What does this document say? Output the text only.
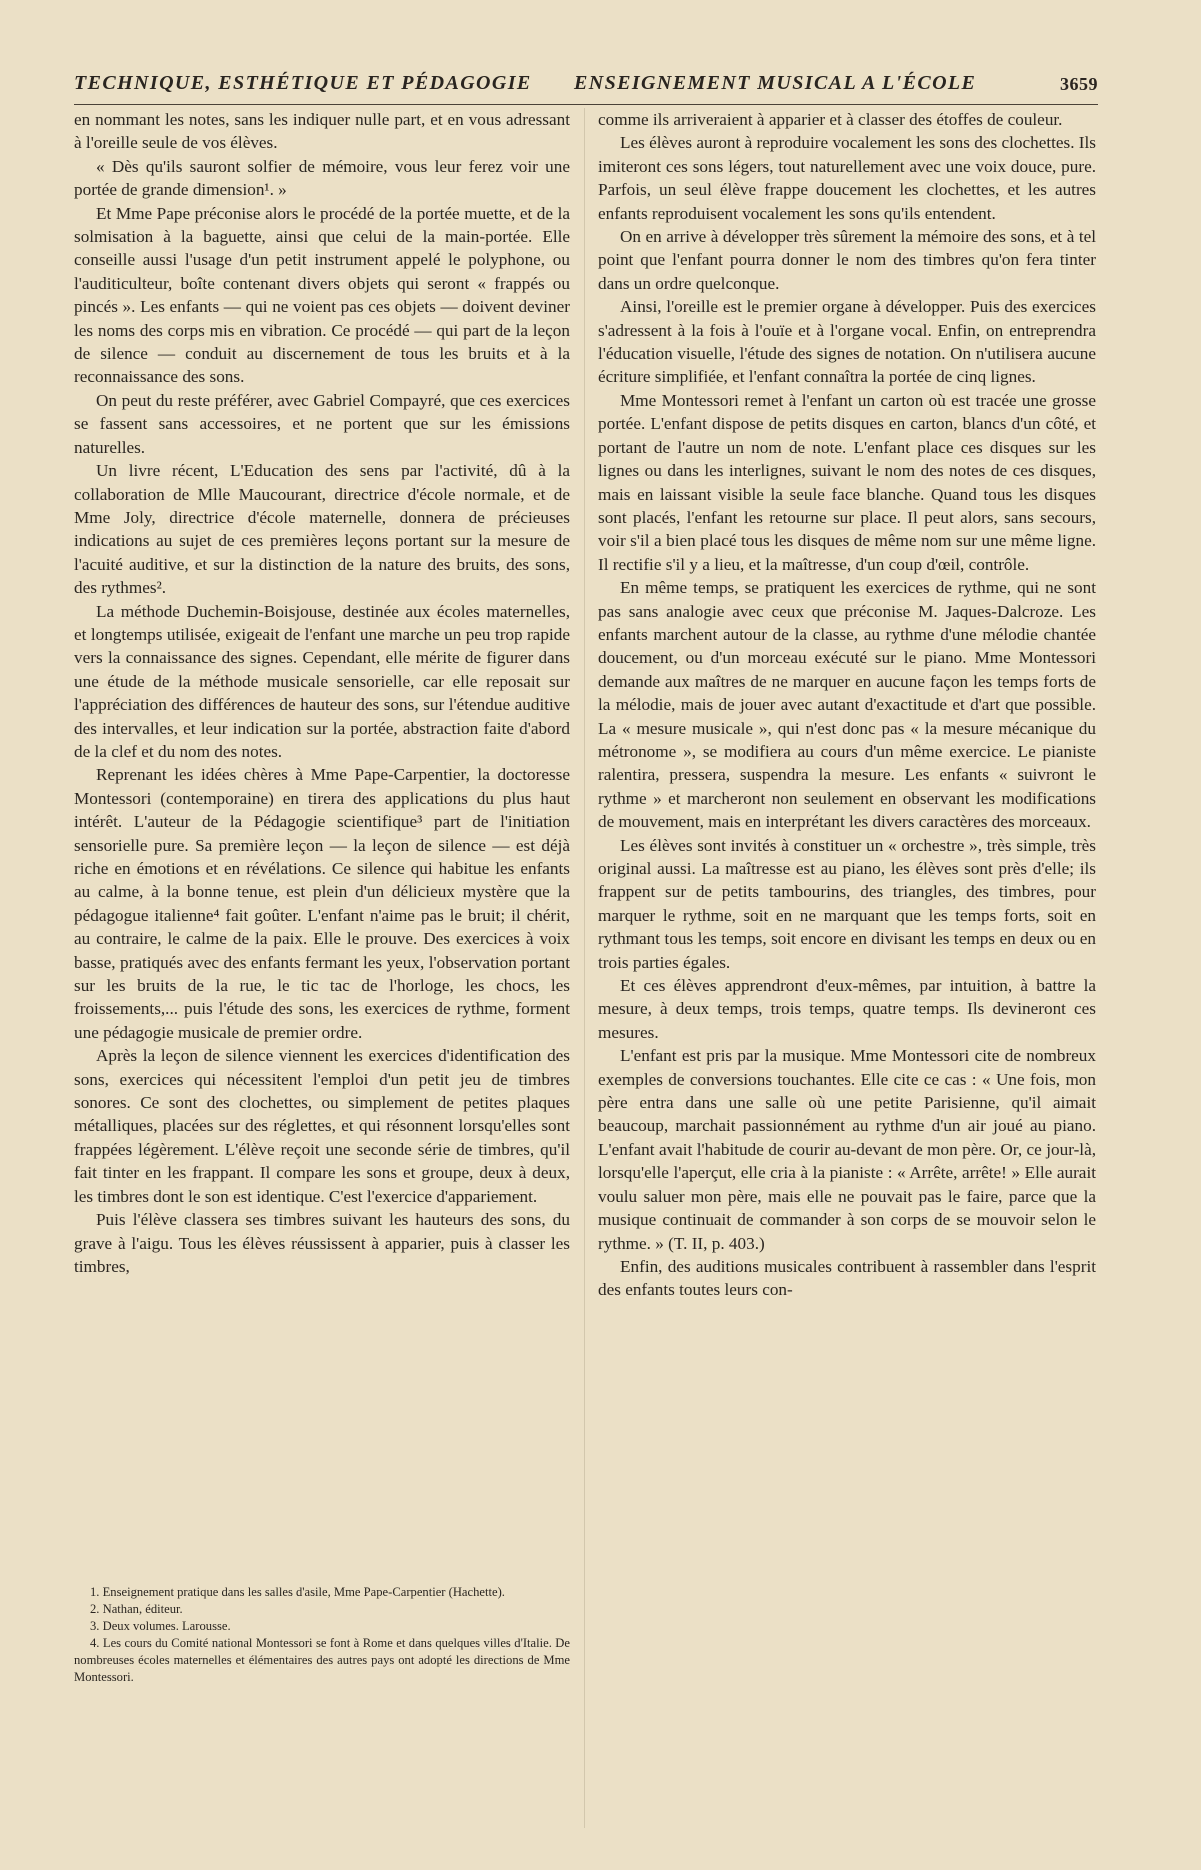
TECHNIQUE, ESTHÉTIQUE ET PÉDAGOGIE ENSEIGNEMENT MUSICAL A L'ÉCOLE	3659

en nommant les notes, sans les indiquer nulle part, et en vous adressant à l'oreille seule de vos élèves.

« Dès qu'ils sauront solfier de mémoire, vous leur ferez voir une portée de grande dimension¹. »

Et Mme Pape préconise alors le procédé de la portée muette, et de la solmisation à la baguette, ainsi que celui de la main-portée. Elle conseille aussi l'usage d'un petit instrument appelé le polyphone, ou l'auditiculteur, boîte contenant divers objets qui seront « frappés ou pincés ». Les enfants — qui ne voient pas ces objets — doivent deviner les noms des corps mis en vibration. Ce procédé — qui part de la leçon de silence — conduit au discernement de tous les bruits et à la reconnaissance des sons.

On peut du reste préférer, avec Gabriel Compayré, que ces exercices se fassent sans accessoires, et ne portent que sur les émissions naturelles.

Un livre récent, L'Education des sens par l'activité, dû à la collaboration de Mlle Maucourant, directrice d'école normale, et de Mme Joly, directrice d'école maternelle, donnera de précieuses indications au sujet de ces premières leçons portant sur la mesure de l'acuité auditive, et sur la distinction de la nature des bruits, des sons, des rythmes².

La méthode Duchemin-Boisjouse, destinée aux écoles maternelles, et longtemps utilisée, exigeait de l'enfant une marche un peu trop rapide vers la connaissance des signes. Cependant, elle mérite de figurer dans une étude de la méthode musicale sensorielle, car elle reposait sur l'appréciation des différences de hauteur des sons, sur l'étendue auditive des intervalles, et leur indication sur la portée, abstraction faite d'abord de la clef et du nom des notes.

Reprenant les idées chères à Mme Pape-Carpentier, la doctoresse Montessori (contemporaine) en tirera des applications du plus haut intérêt. L'auteur de la Pédagogie scientifique³ part de l'initiation sensorielle pure. Sa première leçon — la leçon de silence — est déjà riche en émotions et en révélations. Ce silence qui habitue les enfants au calme, à la bonne tenue, est plein d'un délicieux mystère que la pédagogue italienne⁴ fait goûter. L'enfant n'aime pas le bruit; il chérit, au contraire, le calme de la paix. Elle le prouve. Des exercices à voix basse, pratiqués avec des enfants fermant les yeux, l'observation portant sur les bruits de la rue, le tic tac de l'horloge, les chocs, les froissements,... puis l'étude des sons, les exercices de rythme, forment une pédagogie musicale de premier ordre.

Après la leçon de silence viennent les exercices d'identification des sons, exercices qui nécessitent l'emploi d'un petit jeu de timbres sonores. Ce sont des clochettes, ou simplement de petites plaques métalliques, placées sur des réglettes, et qui résonnent lorsqu'elles sont frappées légèrement. L'élève reçoit une seconde série de timbres, qu'il fait tinter en les frappant. Il compare les sons et groupe, deux à deux, les timbres dont le son est identique. C'est l'exercice d'appariement.

Puis l'élève classera ses timbres suivant les hauteurs des sons, du grave à l'aigu. Tous les élèves réussissent à apparier, puis à classer les timbres,

1. Enseignement pratique dans les salles d'asile, Mme Pape-Carpentier (Hachette).

2. Nathan, éditeur.

3. Deux volumes. Larousse.

4. Les cours du Comité national Montessori se font à Rome et dans quelques villes d'Italie. De nombreuses écoles maternelles et élémentaires des autres pays ont adopté les directions de Mme Montessori.

comme ils arriveraient à apparier et à classer des étoffes de couleur.

Les élèves auront à reproduire vocalement les sons des clochettes. Ils imiteront ces sons légers, tout naturellement avec une voix douce, pure. Parfois, un seul élève frappe doucement les clochettes, et les autres enfants reproduisent vocalement les sons qu'ils entendent.

On en arrive à développer très sûrement la mémoire des sons, et à tel point que l'enfant pourra donner le nom des timbres qu'on fera tinter dans un ordre quelconque.

Ainsi, l'oreille est le premier organe à développer. Puis des exercices s'adressent à la fois à l'ouïe et à l'organe vocal. Enfin, on entreprendra l'éducation visuelle, l'étude des signes de notation. On n'utilisera aucune écriture simplifiée, et l'enfant connaîtra la portée de cinq lignes.

Mme Montessori remet à l'enfant un carton où est tracée une grosse portée. L'enfant dispose de petits disques en carton, blancs d'un côté, et portant de l'autre un nom de note. L'enfant place ces disques sur les lignes ou dans les interlignes, suivant le nom des notes de ces disques, mais en laissant visible la seule face blanche. Quand tous les disques sont placés, l'enfant les retourne sur place. Il peut alors, sans secours, voir s'il a bien placé tous les disques de même nom sur une même ligne. Il rectifie s'il y a lieu, et la maîtresse, d'un coup d'œil, contrôle.

En même temps, se pratiquent les exercices de rythme, qui ne sont pas sans analogie avec ceux que préconise M. Jaques-Dalcroze. Les enfants marchent autour de la classe, au rythme d'une mélodie chantée doucement, ou d'un morceau exécuté sur le piano. Mme Montessori demande aux maîtres de ne marquer en aucune façon les temps forts de la mélodie, mais de jouer avec autant d'exactitude et d'art que possible. La « mesure musicale », qui n'est donc pas « la mesure mécanique du métronome », se modifiera au cours d'un même exercice. Le pianiste ralentira, pressera, suspendra la mesure. Les enfants « suivront le rythme » et marcheront non seulement en observant les modifications de mouvement, mais en interprétant les divers caractères des morceaux.

Les élèves sont invités à constituer un « orchestre », très simple, très original aussi. La maîtresse est au piano, les élèves sont près d'elle; ils frappent sur de petits tambourins, des triangles, des timbres, pour marquer le rythme, soit en ne marquant que les temps forts, soit en rythmant tous les temps, soit encore en divisant les temps en deux ou en trois parties égales.

Et ces élèves apprendront d'eux-mêmes, par intuition, à battre la mesure, à deux temps, trois temps, quatre temps. Ils devineront ces mesures.

L'enfant est pris par la musique. Mme Montessori cite de nombreux exemples de conversions touchantes. Elle cite ce cas : « Une fois, mon père entra dans une salle où une petite Parisienne, qu'il aimait beaucoup, marchait passionnément au rythme d'un air joué au piano. L'enfant avait l'habitude de courir au-devant de mon père. Or, ce jour-là, lorsqu'elle l'aperçut, elle cria à la pianiste : « Arrête, arrête! » Elle aurait voulu saluer mon père, mais elle ne pouvait pas le faire, parce que la musique continuait de commander à son corps de se mouvoir selon le rythme. » (T. II, p. 403.)

Enfin, des auditions musicales contribuent à rassembler dans l'esprit des enfants toutes leurs con-
